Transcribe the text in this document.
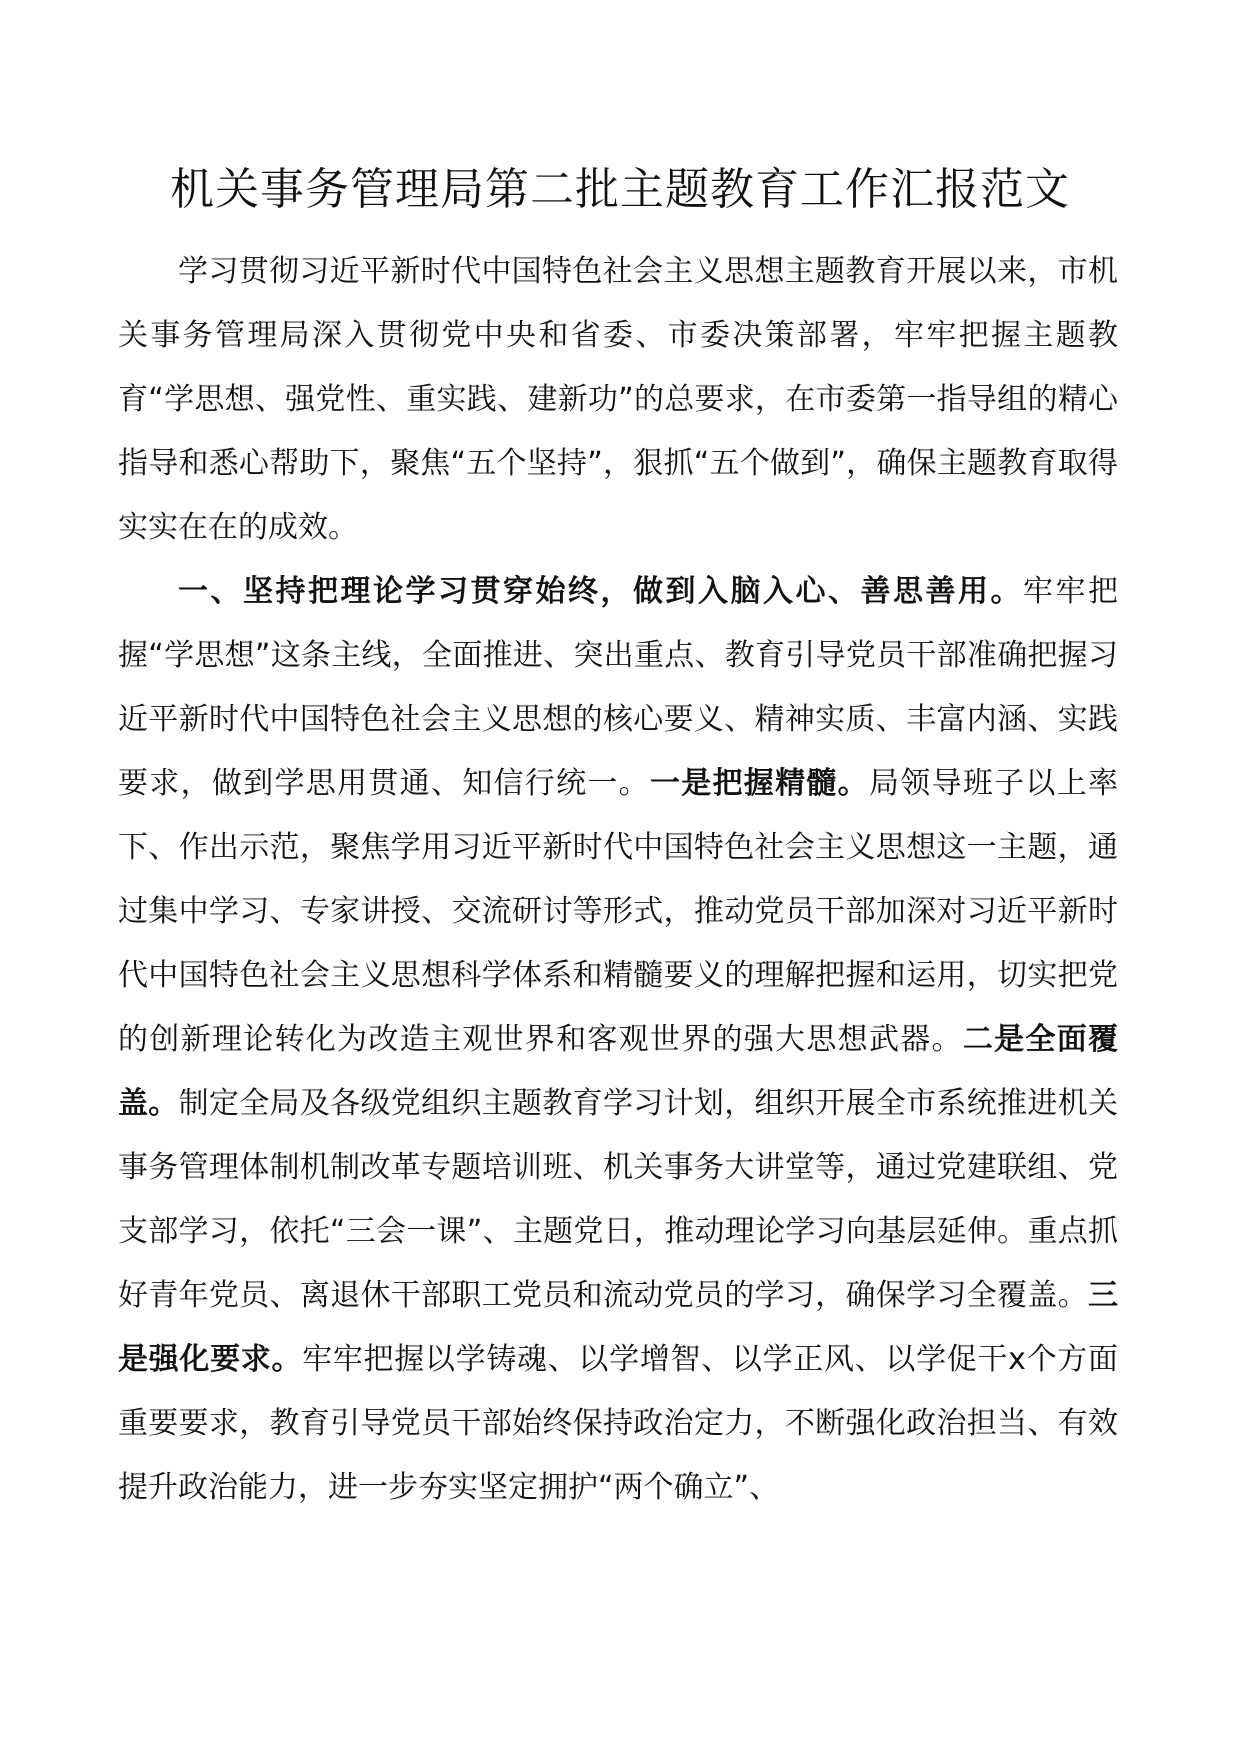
机关事务管理局第二批主题教育工作汇报范文

学习贯彻习近平新时代中国特色社会主义思想主题教育开展以来，市机关事务管理局深入贯彻党中央和省委、市委决策部署，牢牢把握主题教育“学思想、强党性、重实践、建新功”的总要求，在市委第一指导组的精心指导和悉心帮助下，聚焦“五个坚持”，狠抓“五个做到”，确保主题教育取得实实在在的成效。

一、坚持把理论学习贯穿始终，做到入脑入心、善思善用。牢牢把握“学思想”这条主线，全面推进、突出重点、教育引导党员干部准确把握习近平新时代中国特色社会主义思想的核心要义、精神实质、丰富内涵、实践要求，做到学思用贯通、知信行统一。一是把握精髓。局领导班子以上率下、作出示范，聚焦学用习近平新时代中国特色社会主义思想这一主题，通过集中学习、专家讲授、交流研讨等形式，推动党员干部加深对习近平新时代中国特色社会主义思想科学体系和精髓要义的理解把握和运用，切实把党的创新理论转化为改造主观世界和客观世界的强大思想武器。二是全面覆盖。制定全局及各级党组织主题教育学习计划，组织开展全市系统推进机关事务管理体制机制改革专题培训班、机关事务大讲堂等，通过党建联组、党支部学习，依托“三会一课”、主题党日，推动理论学习向基层延伸。重点抓好青年党员、离退休干部职工党员和流动党员的学习，确保学习全覆盖。三是强化要求。牢牢把握以学铸魂、以学增智、以学正风、以学促干x个方面重要要求，教育引导党员干部始终保持政治定力，不断强化政治担当、有效提升政治能力，进一步夯实坚定拥护“两个确立”、
